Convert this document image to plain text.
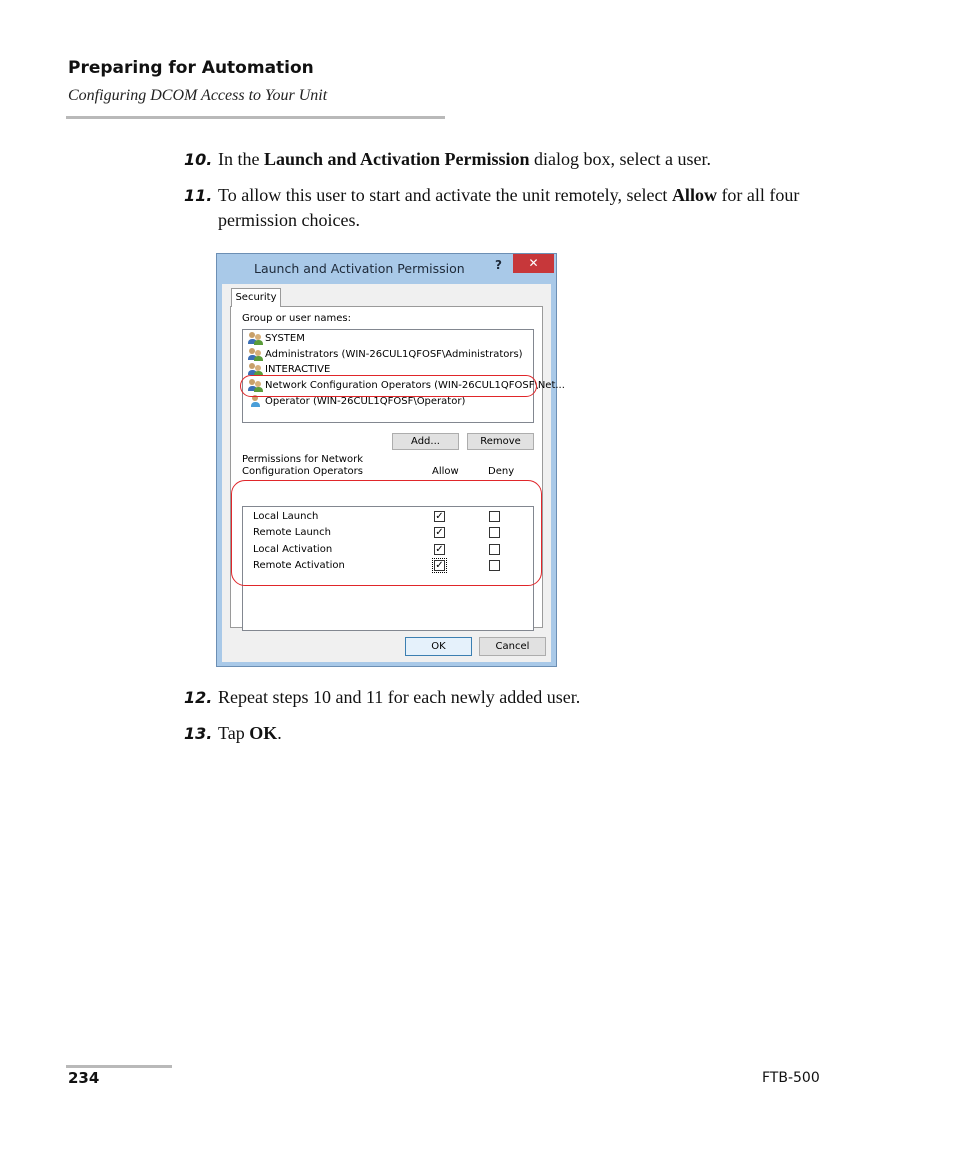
Preparing for Automation
Configuring DCOM Access to Your Unit
10. In the Launch and Activation Permission dialog box, select a user.
11. To allow this user to start and activate the unit remotely, select Allow for all four permission choices.
Launch and Activation Permission	?	✕
Security
Group or user names:
SYSTEM
Administrators (WIN-26CUL1QFOSF\Administrators)
INTERACTIVE
Network Configuration Operators (WIN-26CUL1QFOSF\Net...
Operator (WIN-26CUL1QFOSF\Operator)
Add...	Remove
Permissions for Network
Configuration Operators	Allow	Deny
Local Launch	✓
Remote Launch	✓
Local Activation	✓
Remote Activation	✓
OK	Cancel
12. Repeat steps 10 and 11 for each newly added user.
13. Tap OK.
234	FTB-500
